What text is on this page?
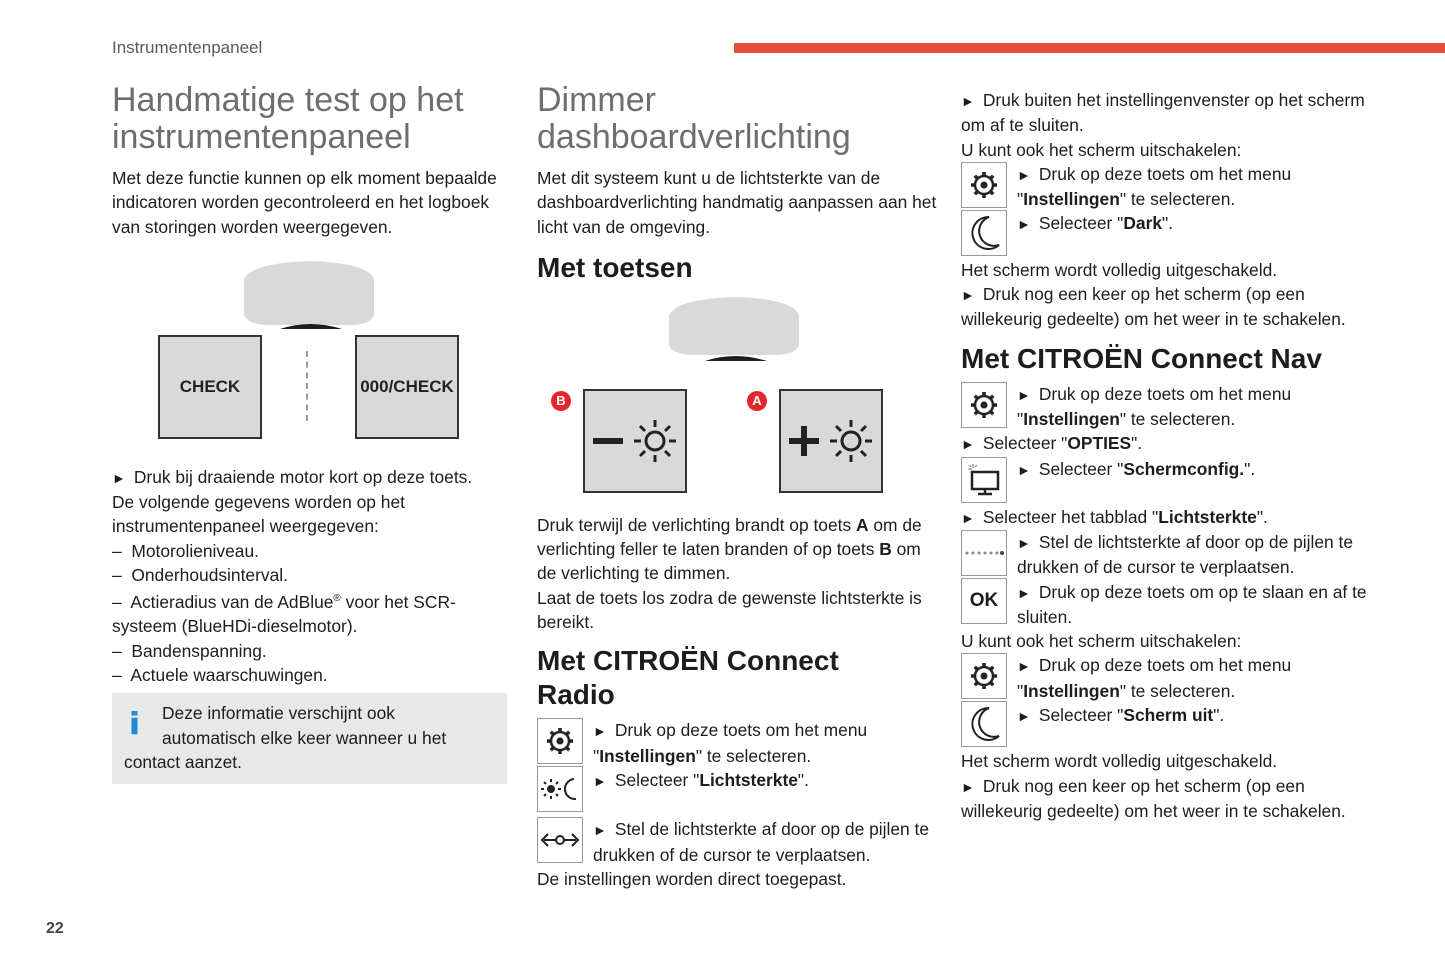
Instrumentenpaneel
22
Handmatige test op het
instrumentenpaneel

Met deze functie kunnen op elk moment bepaalde indicatoren worden gecontroleerd en het logboek van storingen worden weergegeven.

CHECK	000/CHECK

► Druk bij draaiende motor kort op deze toets.

De volgende gegevens worden op het instrumentenpaneel weergegeven:

–  Motorolieniveau.
–  Onderhoudsinterval.
–  Actieradius van de AdBlue® voor het SCR-systeem (BlueHDi-dieselmotor).
–  Bandenspanning.
–  Actuele waarschuwingen.
Deze informatie verschijnt ook
automatisch elke keer wanneer u het
contact aanzet.
Dimmer
dashboardverlichting

Met dit systeem kunt u de lichtsterkte van de dashboardverlichting handmatig aanpassen aan het licht van de omgeving.

Met toetsen
B	A

Druk terwijl de verlichting brandt op toets A om de verlichting feller te laten branden of op toets B om de verlichting te dimmen.

Laat de toets los zodra de gewenste lichtsterkte is bereikt.

Met CITROËN Connect
Radio
► Druk op deze toets om het menu "Instellingen" te selecteren.
► Selecteer "Lichtsterkte".
► Stel de lichtsterkte af door op de pijlen te drukken of de cursor te verplaatsen.

De instellingen worden direct toegepast.

► Druk buiten het instellingenvenster op het scherm om af te sluiten.

U kunt ook het scherm uitschakelen:

► Druk op deze toets om het menu "Instellingen" te selecteren.
► Selecteer "Dark".

Het scherm wordt volledig uitgeschakeld.

► Druk nog een keer op het scherm (op een willekeurig gedeelte) om het weer in te schakelen.

Met CITROËN Connect Nav
► Druk op deze toets om het menu "Instellingen" te selecteren.

► Selecteer "OPTIES".

► Selecteer "Schermconfig.".

► Selecteer het tabblad "Lichtsterkte".

OK
► Stel de lichtsterkte af door op de pijlen te drukken of de cursor te verplaatsen.
► Druk op deze toets om op te slaan en af te sluiten.

U kunt ook het scherm uitschakelen:

► Druk op deze toets om het menu "Instellingen" te selecteren.
► Selecteer "Scherm uit".

Het scherm wordt volledig uitgeschakeld.

► Druk nog een keer op het scherm (op een willekeurig gedeelte) om het weer in te schakelen.
